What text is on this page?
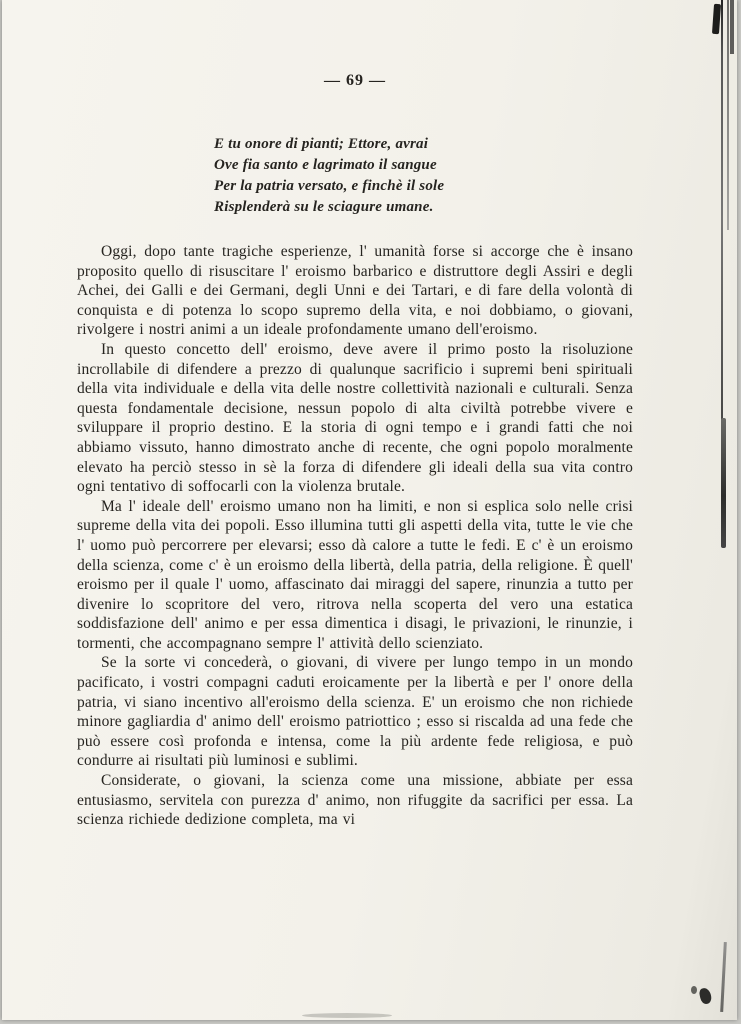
— 69 —
E tu onore di pianti; Ettore, avrai
Ove fia santo e lagrimato il sangue
Per la patria versato, e finchè il sole
Risplenderà su le sciagure umane.

Oggi, dopo tante tragiche esperienze, l' umanità forse si accorge che è insano proposito quello di risuscitare l' eroismo barbarico e distruttore degli Assiri e degli Achei, dei Galli e dei Germani, degli Unni e dei Tartari, e di fare della volontà di conquista e di potenza lo scopo supremo della vita, e noi dobbiamo, o giovani, rivolgere i nostri animi a un ideale profondamente umano dell'eroismo.

In questo concetto dell' eroismo, deve avere il primo posto la risoluzione incrollabile di difendere a prezzo di qualunque sacrificio i supremi beni spirituali della vita individuale e della vita delle nostre collettività nazionali e culturali. Senza questa fondamentale decisione, nessun popolo di alta civiltà potrebbe vivere e sviluppare il proprio destino. E la storia di ogni tempo e i grandi fatti che noi abbiamo vissuto, hanno dimostrato anche di recente, che ogni popolo moralmente elevato ha perciò stesso in sè la forza di difendere gli ideali della sua vita contro ogni tentativo di soffocarli con la violenza brutale.

Ma l' ideale dell' eroismo umano non ha limiti, e non si esplica solo nelle crisi supreme della vita dei popoli. Esso illumina tutti gli aspetti della vita, tutte le vie che l' uomo può percorrere per elevarsi; esso dà calore a tutte le fedi. E c' è un eroismo della scienza, come c' è un eroismo della libertà, della patria, della religione. È quell' eroismo per il quale l' uomo, affascinato dai miraggi del sapere, rinunzia a tutto per divenire lo scopritore del vero, ritrova nella scoperta del vero una estatica soddisfazione dell' animo e per essa dimentica i disagi, le privazioni, le rinunzie, i tormenti, che accompagnano sempre l' attività dello scienziato.

Se la sorte vi concederà, o giovani, di vivere per lungo tempo in un mondo pacificato, i vostri compagni caduti eroicamente per la libertà e per l' onore della patria, vi siano incentivo all'eroismo della scienza. E' un eroismo che non richiede minore gagliardia d' animo dell' eroismo patriottico ; esso si riscalda ad una fede che può essere così profonda e intensa, come la più ardente fede religiosa, e può condurre ai risultati più luminosi e sublimi.

Considerate, o giovani, la scienza come una missione, abbiate per essa entusiasmo, servitela con purezza d' animo, non rifuggite da sacrifici per essa. La scienza richiede dedizione completa, ma vi
